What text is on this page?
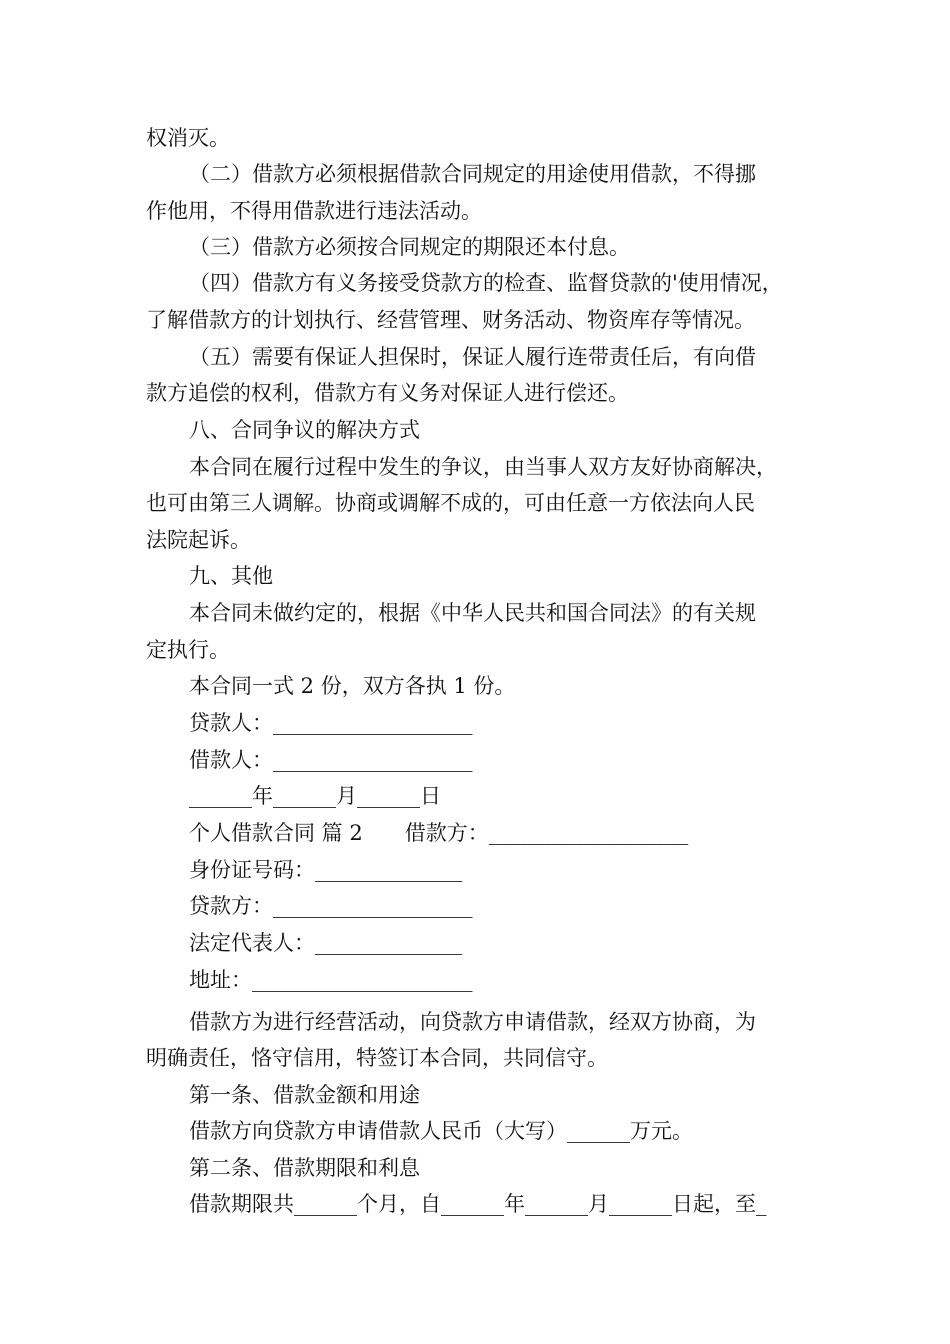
权消灭。

（二）借款方必须根据借款合同规定的用途使用借款，不得挪

作他用，不得用借款进行违法活动。

（三）借款方必须按合同规定的期限还本付息。

（四）借款方有义务接受贷款方的检查、监督贷款的'使用情况，

了解借款方的计划执行、经营管理、财务活动、物资库存等情况。

（五）需要有保证人担保时，保证人履行连带责任后，有向借

款方追偿的权利，借款方有义务对保证人进行偿还。

八、合同争议的解决方式

本合同在履行过程中发生的争议，由当事人双方友好协商解决，

也可由第三人调解。协商或调解不成的，可由任意一方依法向人民

法院起诉。

九、其他

本合同未做约定的，根据《中华人民共和国合同法》的有关规

定执行。

本合同一式 2 份，双方各执 1 份。

贷款人：___________________

借款人：___________________

______年______月______日

个人借款合同 篇 2　　借款方：___________________

身份证号码：______________

贷款方：___________________

法定代表人：______________

地址：_____________________

借款方为进行经营活动，向贷款方申请借款，经双方协商，为

明确责任，恪守信用，特签订本合同，共同信守。

第一条、借款金额和用途

借款方向贷款方申请借款人民币（大写）______万元。

第二条、借款期限和利息

借款期限共______个月，自______年______月______日起，至_
